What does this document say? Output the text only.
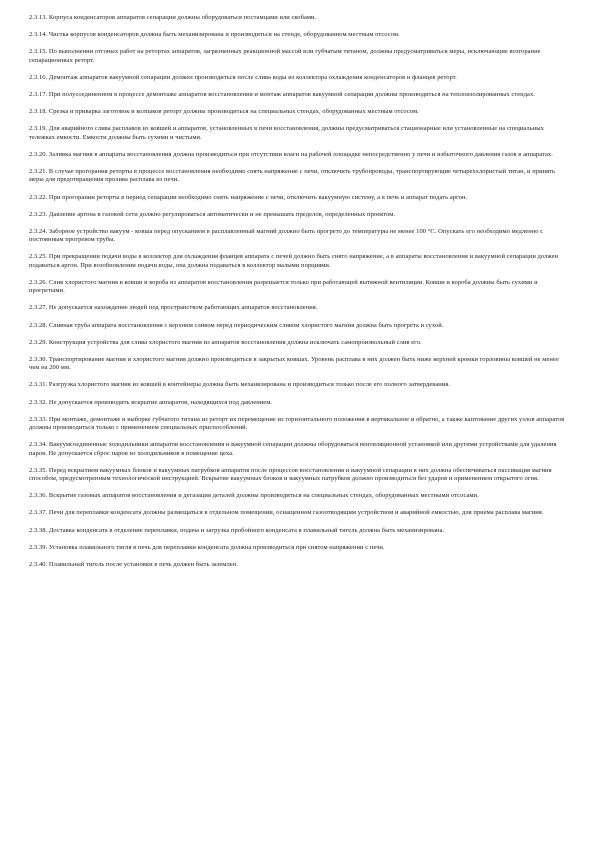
2.3.13. Корпуса конденсаторов аппаратов сепарации должны оборудоваться постамцами или скобами.

2.3.14. Чистка корпусов конденсаторов должна быть механизирована и производиться на стенде, оборудованном местным отсосом.

2.3.15. По выполнении отгоных работ на ретортах аппаратов, загрязненных реакционной массой или губчатым титаном, должны предусматриваться меры, исключающие возгорание сепарационных реторт.

2.3.16. Демонтаж аппаратов вакуумной сепарации должен производиться после слива воды из коллектора охлаждения конденсаторов и фланцев реторт.

2.3.17. При полусоединенном в процессе демонтаже аппаратов восстановления и монтаж аппаратов вакуумной сепарации должны производиться на теплоизолированных стендах.

2.3.18. Срезка и приварка заготовок и колпаков реторт должны производиться на специальных стендах, оборудованных местным отсосом.

2.3.19. Для аварийного слива расплавов из ковшей и аппаратов, установленных в печи восстановления, должны предусматриваться стационарные или установленные на специальных тележках емкости. Емкости должны быть сухими и чистыми.

2.3.20. Заливка магния в аппараты восстановления должна производиться при отсутствии влаги на рабочей площадке непосредственно у печи и избыточного давления газов в аппаратах.

2.3.21. В случае прогорания реторты в процессе восстановления необходимо снять напряжение с печи, отключить трубопроводы, транспортирующие четыреххлористый титан, и принять меры для предотвращения пролива расплава из печи.

2.3.22. При прогорании реторты в период сепарации необходимо снять напряжение с печи, отключить вакуумную систему, а в печь и аппарат подать аргон.

2.3.23. Давление аргона в газовой сети должно регулироваться автоматически и не превышать пределов, определенных проектом.

2.3.24. Заборное устройство вакуум - ковша перед опусканием в расплавленный магний должно быть прогрето до температуры не менее 100 °С. Опускать его необходимо медленно с постоянным прогревом трубы.

2.3.25. При прекращении подачи воды в коллектор для охлаждения фланцев аппарата с печей должно быть снято напряжение, а в аппараты восстановления и вакуумной сепарации должен подаваться аргон. При возобновлении подачи воды, она должна подаваться в коллектор малыми порциями.

2.3.26. Слив хлористого магния в ковши и короба из аппаратов восстановления разрешается только при работающей вытяжной вентиляции. Ковши и короба должны быть сухими и прогретыми.

2.3.27. Не допускается нахождение людей под пространством работающих аппаратов восстановления.

2.3.28. Сливная труба аппарата восстановления с верхним сливом перед периодическим сливом хлористого магния должна быть прогрета и сухой.

2.3.29. Конструкция устройства для слива хлористого магния из аппаратов восстановления должна исключать самопроизвольный слив его.

2.3.30. Транспортирование магния и хлористого магния должно производиться в закрытых ковшах. Уровень расплава в них должен быть ниже верхней кромки горловины ковшей не менее чем на 200 мм.

2.3.31. Разгрузка хлористого магния из ковшей в контейнеры должна быть механизирована и производиться только после его полного затвердевания.

2.3.32. Не допускается производить вскрытие аппаратов, находящихся под давлением.

2.3.33. При монтаже, демонтаже и выборке губчатого титана из реторт их перемещение из горизонтального положения в вертикальное и обратно, а также кантование других узлов аппаратов должны производиться только с применением специальных приспособлений.

2.3.34. Вакуумсоединенные холодильники аппаратов восстановления и вакуумной сепарации должны оборудоваться вентиляционной установкой или другими устройствами для удаления паров. Не допускается сброс паров из холодильников в помещение цеха.

2.3.35. Перед вскрытием вакуумных блоков и вакуумных патрубков аппаратов после процессов восстановления и вакуумной сепарации в них должна обеспечиваться пассивация магния способом, предусмотренным технологической инструкцией. Вскрытие вакуумных блоков и вакуумных патрубков должно производиться без ударов и применением открытого огня.

2.3.36. Вскрытие газовых аппаратов восстановления и дегазация деталей должны производиться на специальных стендах, оборудованных местными отсосами.

2.3.37. Печи для переплавки конденсата должны размещаться в отдельном помещении, оснащенном газоотводящим устройством и аварийной емкостью, для приема расплава магния.

2.3.38. Доставка конденсата в отделение переплавки, подача и загрузка пробойного конденсата в плавильный тигель должна быть механизирована.

2.3.39. Установка плавильного тигля в печь для переплавки конденсата должна производиться при снятом напряжении с печи.

2.3.40. Плавильный тигель после установки в печь должен быть заземлен.
